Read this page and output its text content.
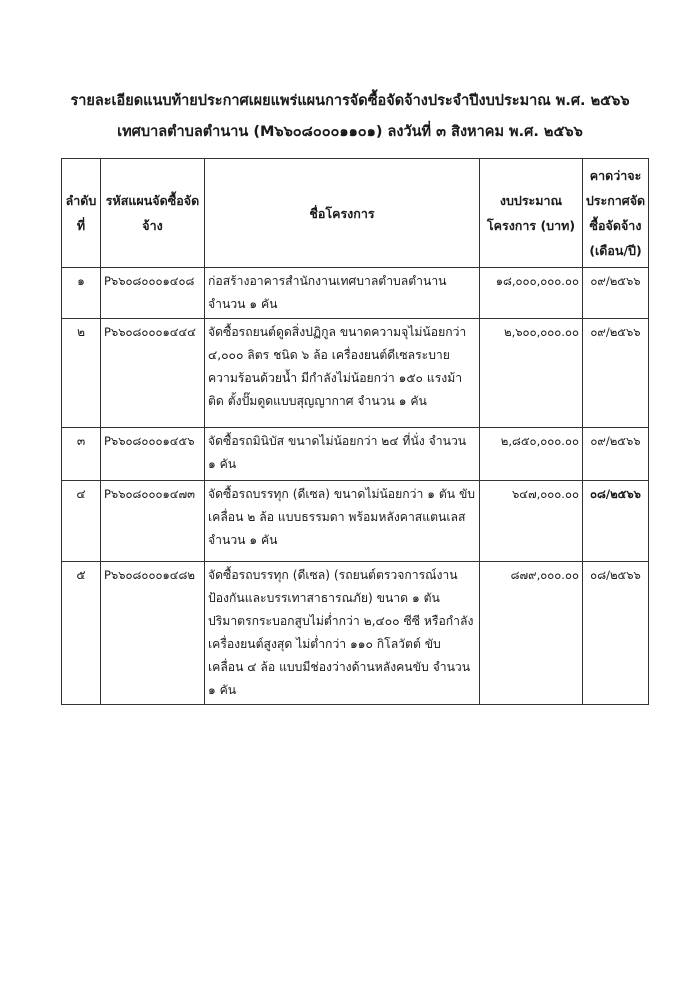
รายละเอียดแนบท้ายประกาศเผยแพร่แผนการจัดซื้อจัดจ้างประจำปีงบประมาณ พ.ศ. ๒๕๖๖
เทศบาลตำบลตำนาน (M๖๖๐๘๐๐๐๑๑๐๑) ลงวันที่ ๓ สิงหาคม พ.ศ. ๒๕๖๖
ลำดับ ที่	รหัสแผนจัดซื้อจัด จ้าง	ชื่อโครงการ	งบประมาณ โครงการ (บาท)	คาดว่าจะ ประกาศจัด ซื้อจัดจ้าง (เดือน/ปี)
๑	P๖๖๐๘๐๐๐๑๔๐๘	ก่อสร้างอาคารสำนักงานเทศบาลตำบลตำนาน จำนวน ๑ คัน	๑๘,๐๐๐,๐๐๐.๐๐	๐๙/๒๕๖๖
๒	P๖๖๐๘๐๐๐๑๔๔๔	จัดซื้อรถยนต์ดูดสิ่งปฏิกูล ขนาดความจุไม่น้อยกว่า ๔,๐๐๐ ลิตร ชนิด ๖ ล้อ เครื่องยนต์ดีเซลระบาย ความร้อนด้วยน้ำ มีกำลังไม่น้อยกว่า ๑๕๐ แรงม้า ติด ตั้งปั๊มดูดแบบสุญญากาศ จำนวน ๑ คัน	๒,๖๐๐,๐๐๐.๐๐	๐๙/๒๕๖๖
๓	P๖๖๐๘๐๐๐๑๔๕๖	จัดซื้อรถมินิบัส ขนาดไม่น้อยกว่า ๒๔ ที่นั่ง จำนวน ๑ คัน	๒,๘๕๐,๐๐๐.๐๐	๐๙/๒๕๖๖
๔	P๖๖๐๘๐๐๐๑๔๗๓	จัดซื้อรถบรรทุก (ดีเซล) ขนาดไม่น้อยกว่า ๑ ตัน ขับ เคลื่อน ๒ ล้อ แบบธรรมดา พร้อมหลังคาสแตนเลส จำนวน ๑ คัน	๖๔๗,๐๐๐.๐๐	๐๘/๒๕๖๖
๕	P๖๖๐๘๐๐๐๑๔๘๒	จัดซื้อรถบรรทุก (ดีเซล) (รถยนต์ตรวจการณ์งาน ป้องกันและบรรเทาสาธารณภัย) ขนาด ๑ ตัน ปริมาตรกระบอกสูบไม่ต่ำกว่า ๒,๔๐๐ ซีซี หรือกำลัง เครื่องยนต์สูงสุด ไม่ต่ำกว่า ๑๑๐ กิโลวัตต์ ขับเคลื่อน ๔ ล้อ แบบมีช่องว่างด้านหลังคนขับ จำนวน ๑ คัน	๘๗๙,๐๐๐.๐๐	๐๘/๒๕๖๖
